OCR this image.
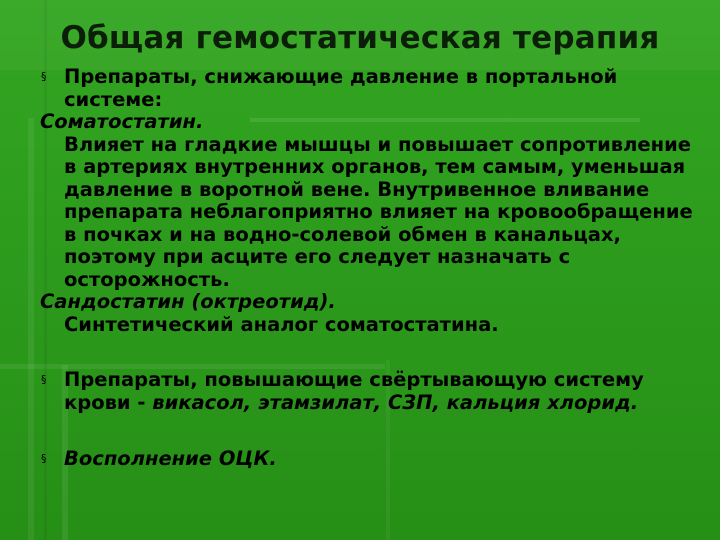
Общая гемостатическая терапия
§ Препараты, снижающие давление в портальной
системе:
Соматостатин.
Влияет на гладкие мышцы и повышает сопротивление
в артериях внутренних органов, тем самым, уменьшая
давление в воротной вене. Внутривенное вливание
препарата неблагоприятно влияет на кровообращение
в почках и на водно-солевой обмен в канальцах,
поэтому при асците его следует назначать с
осторожность.
Сандостатин (октреотид).
Синтетический аналог соматостатина.
§ Препараты, повышающие свёртывающую систему
крови - викасол, этамзилат, СЗП, кальция хлорид.
§ Восполнение ОЦК.
